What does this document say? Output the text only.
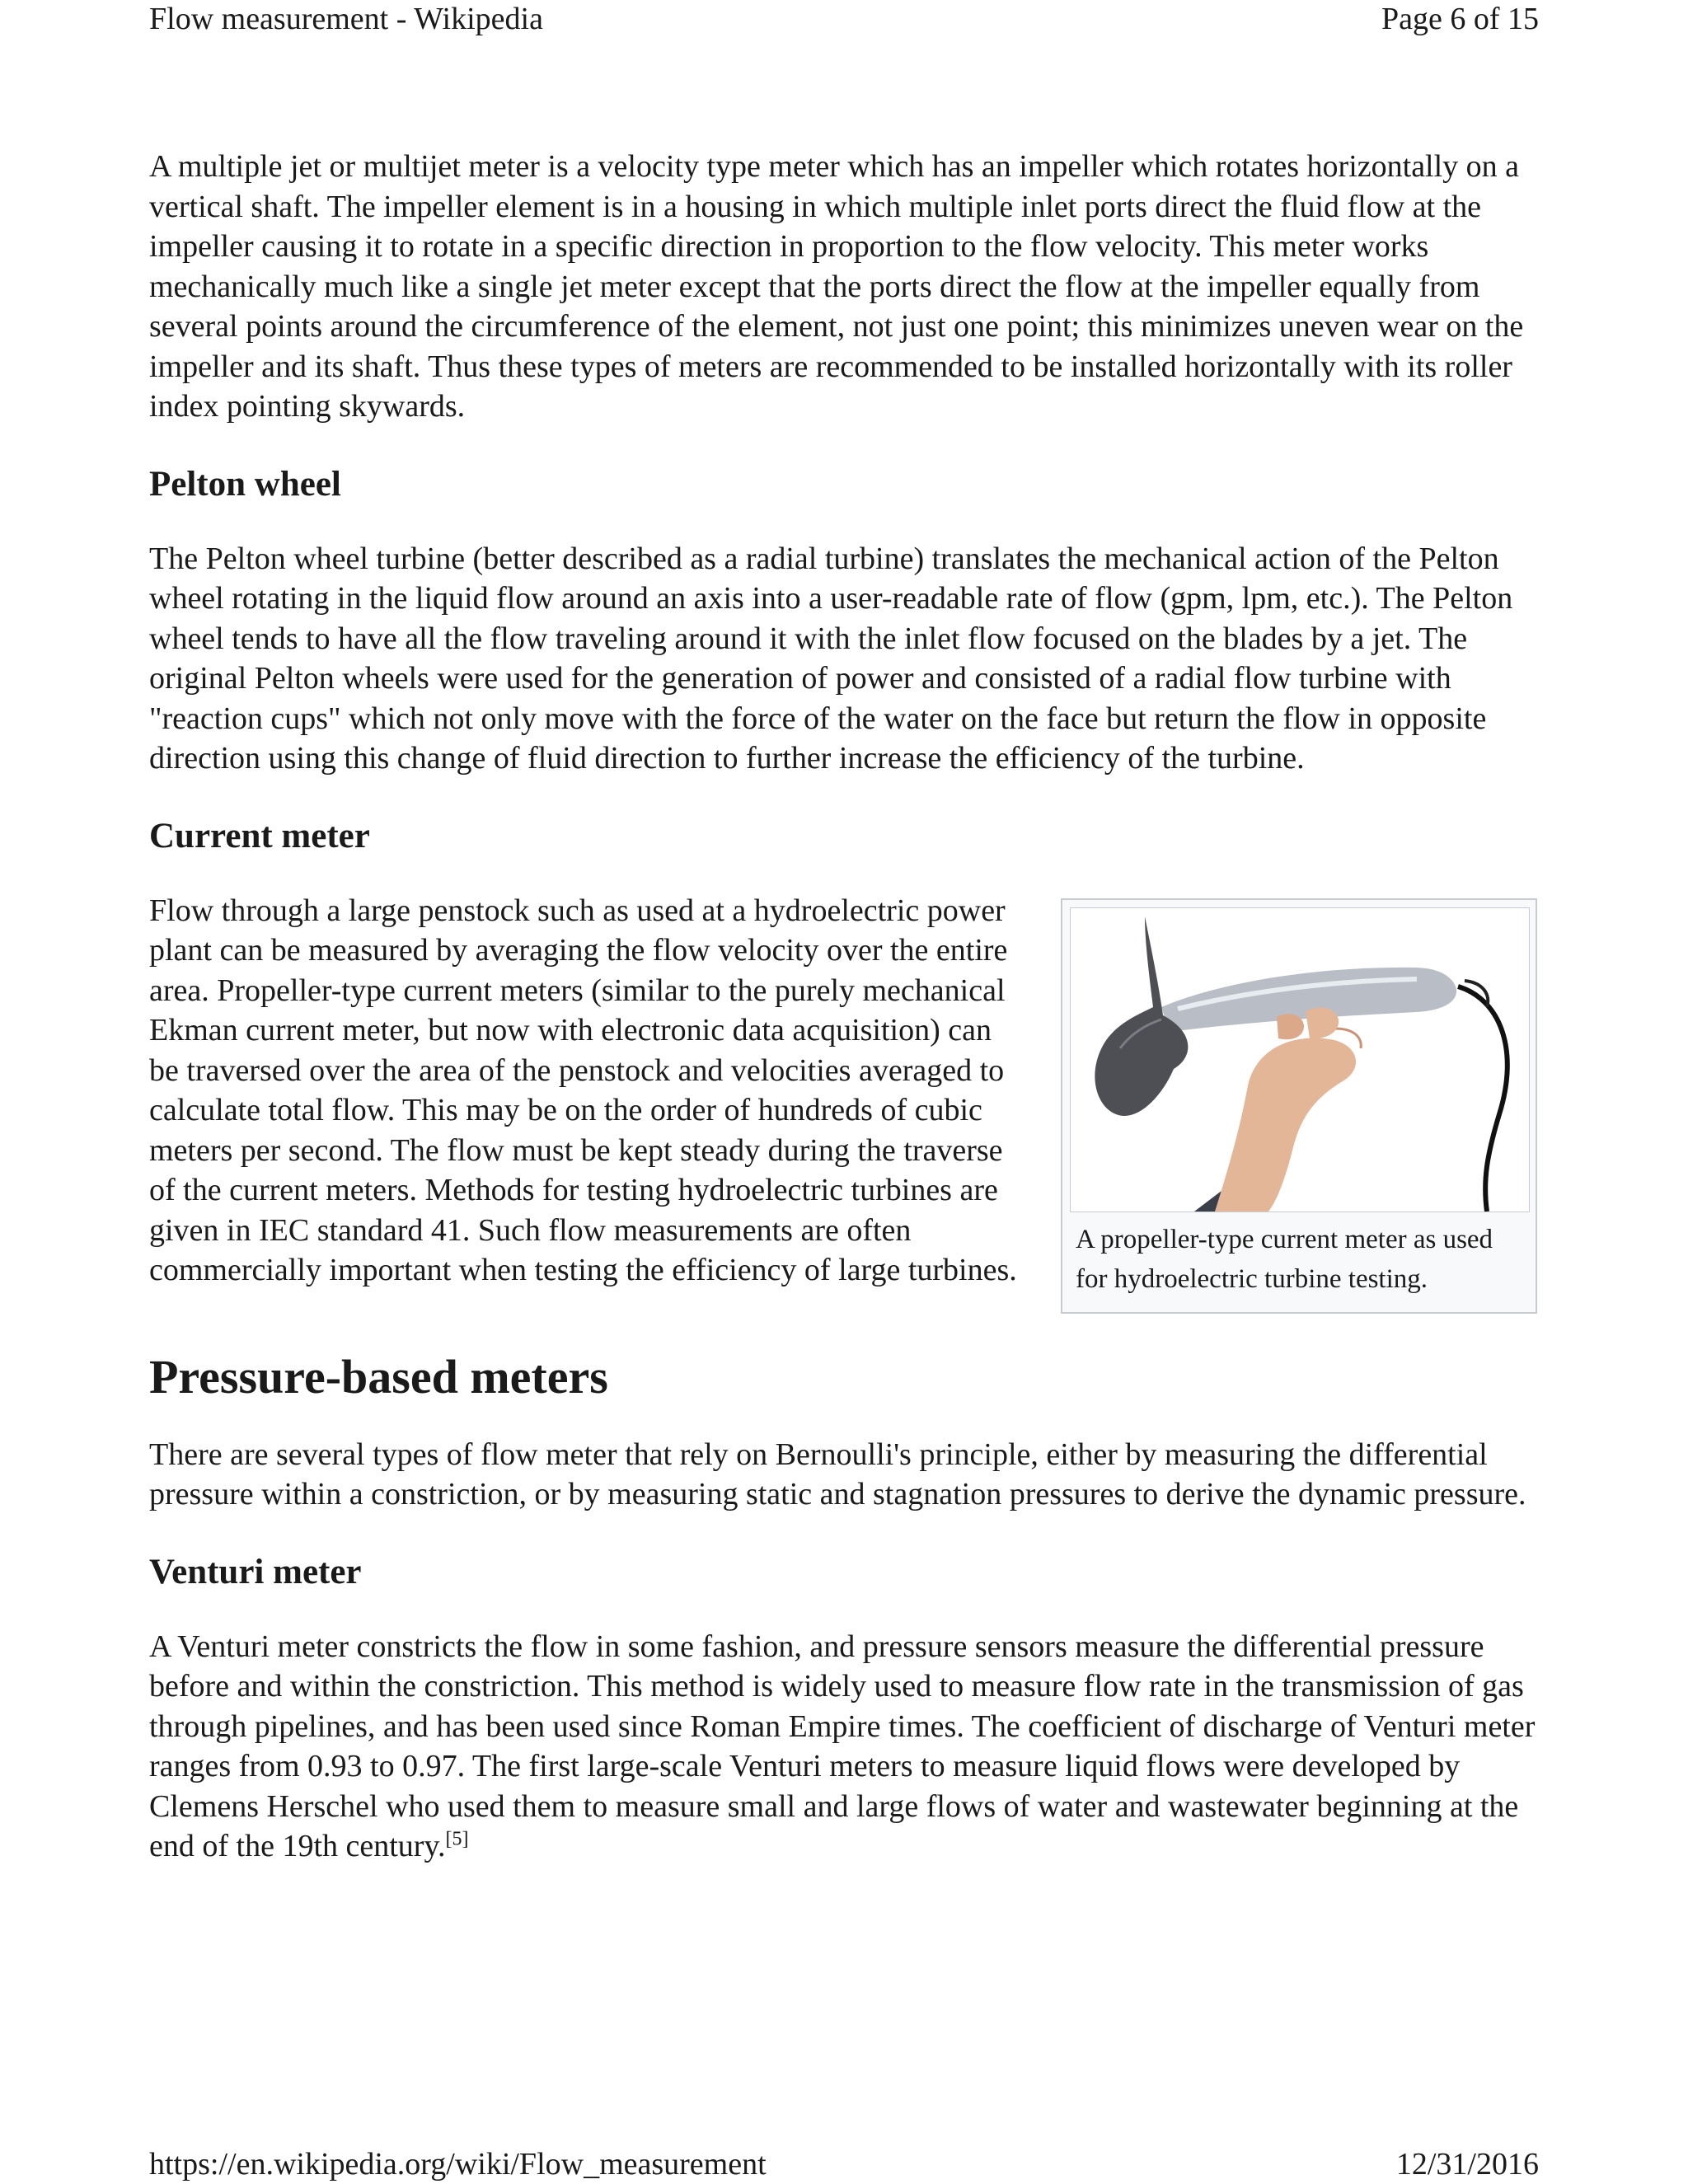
Flow measurement - Wikipedia	Page 6 of 15

A multiple jet or multijet meter is a velocity type meter which has an impeller which rotates horizontally on a vertical shaft. The impeller element is in a housing in which multiple inlet ports direct the fluid flow at the impeller causing it to rotate in a specific direction in proportion to the flow velocity. This meter works mechanically much like a single jet meter except that the ports direct the flow at the impeller equally from several points around the circumference of the element, not just one point; this minimizes uneven wear on the impeller and its shaft. Thus these types of meters are recommended to be installed horizontally with its roller index pointing skywards.

Pelton wheel

The Pelton wheel turbine (better described as a radial turbine) translates the mechanical action of the Pelton wheel rotating in the liquid flow around an axis into a user-readable rate of flow (gpm, lpm, etc.). The Pelton wheel tends to have all the flow traveling around it with the inlet flow focused on the blades by a jet. The original Pelton wheels were used for the generation of power and consisted of a radial flow turbine with "reaction cups" which not only move with the force of the water on the face but return the flow in opposite direction using this change of fluid direction to further increase the efficiency of the turbine.

Current meter

Flow through a large penstock such as used at a hydroelectric power plant can be measured by averaging the flow velocity over the entire area. Propeller-type current meters (similar to the purely mechanical Ekman current meter, but now with electronic data acquisition) can be traversed over the area of the penstock and velocities averaged to calculate total flow. This may be on the order of hundreds of cubic meters per second. The flow must be kept steady during the traverse of the current meters. Methods for testing hydroelectric turbines are given in IEC standard 41. Such flow measurements are often commercially important when testing the efficiency of large turbines.

A propeller-type current meter as used for hydroelectric turbine testing.
Pressure-based meters

There are several types of flow meter that rely on Bernoulli's principle, either by measuring the differential pressure within a constriction, or by measuring static and stagnation pressures to derive the dynamic pressure.

Venturi meter

A Venturi meter constricts the flow in some fashion, and pressure sensors measure the differential pressure before and within the constriction. This method is widely used to measure flow rate in the transmission of gas through pipelines, and has been used since Roman Empire times. The coefficient of discharge of Venturi meter ranges from 0.93 to 0.97. The first large-scale Venturi meters to measure liquid flows were developed by Clemens Herschel who used them to measure small and large flows of water and wastewater beginning at the end of the 19th century.[5]

https://en.wikipedia.org/wiki/Flow_measurement	12/31/2016
